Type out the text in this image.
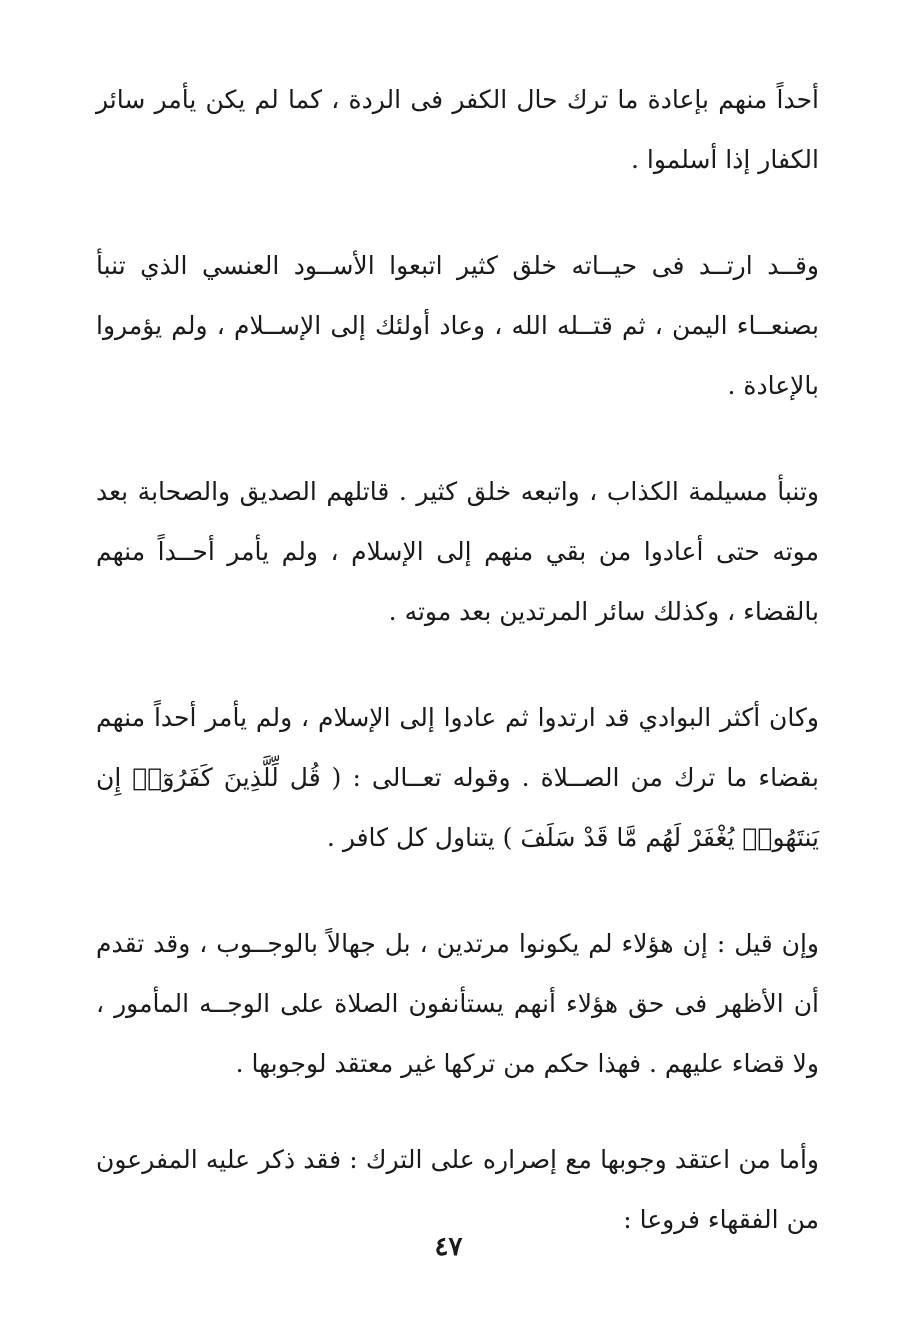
أحداً منهم بإعادة ما ترك حال الكفر فى الردة ، كما لم يكن يأمر سائر الكفار إذا أسلموا .

وقــد ارتــد فى حيــاته خلق كثير اتبعوا الأســود العنسي الذي تنبأ بصنعــاء اليمن ، ثم قتــله الله ، وعاد أولئك إلى الإســلام ، ولم يؤمروا بالإعادة .

وتنبأ مسيلمة الكذاب ، واتبعه خلق كثير . قاتلهم الصديق والصحابة بعد موته حتى أعادوا من بقي منهم إلى الإسلام ، ولم يأمر أحــداً منهم بالقضاء ، وكذلك سائر المرتدين بعد موته .

وكان أكثر البوادي قد ارتدوا ثم عادوا إلى الإسلام ، ولم يأمر أحداً منهم بقضاء ما ترك من الصــلاة . وقوله تعــالى : ( قُل لِّلَّذِينَ كَفَرُوٓا۟ إِن يَنتَهُوا۟ يُغْفَرْ لَهُم مَّا قَدْ سَلَفَ ) يتناول كل كافر .

وإن قيل : إن هؤلاء لم يكونوا مرتدين ، بل جهالاً بالوجــوب ، وقد تقدم أن الأظهر فى حق هؤلاء أنهم يستأنفون الصلاة على الوجــه المأمور ، ولا قضاء عليهم . فهذا حكم من تركها غير معتقد لوجوبها .

وأما من اعتقد وجوبها مع إصراره على الترك : فقد ذكر عليه المفرعون من الفقهاء فروعا :

٤٧
